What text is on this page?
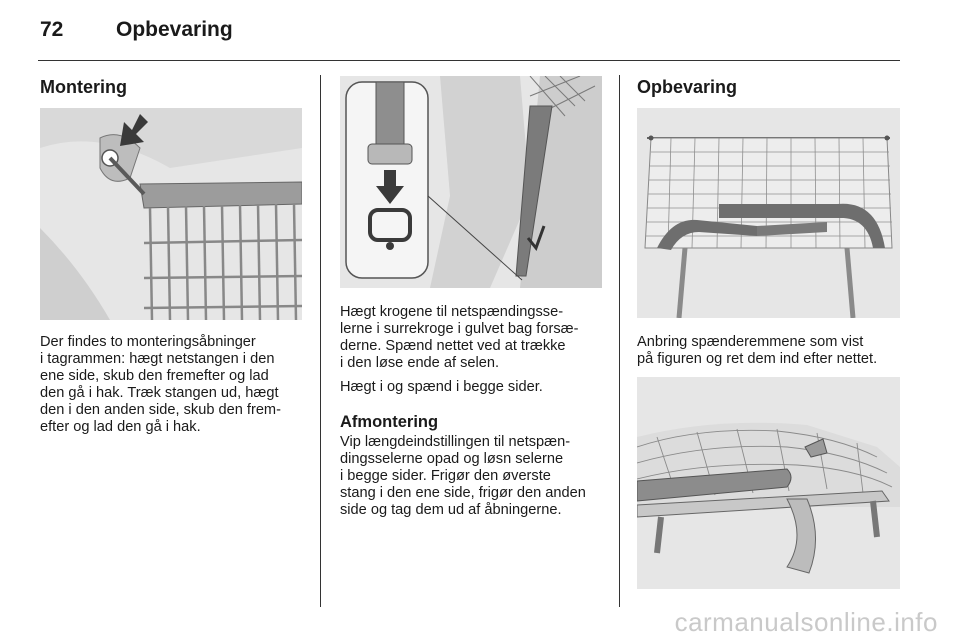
72	Opbevaring
Montering
Der findes to monteringsåbninger
i tagrammen: hægt netstangen i den
ene side, skub den fremefter og lad
den gå i hak. Træk stangen ud, hægt
den i den anden side, skub den frem-
efter og lad den gå i hak.

Hægt krogene til netspændingsse-
lerne i surrekroge i gulvet bag forsæ-
derne. Spænd nettet ved at trække
i den løse ende af selen.

Hægt i og spænd i begge sider.

Afmontering
Vip længdeindstillingen til netspæn-
dingsselerne opad og løsn selerne
i begge sider. Frigør den øverste
stang i den ene side, frigør den anden
side og tag dem ud af åbningerne.
Opbevaring
Anbring spænderemmene som vist
på figuren og ret dem ind efter nettet.
carmanualsonline.info
